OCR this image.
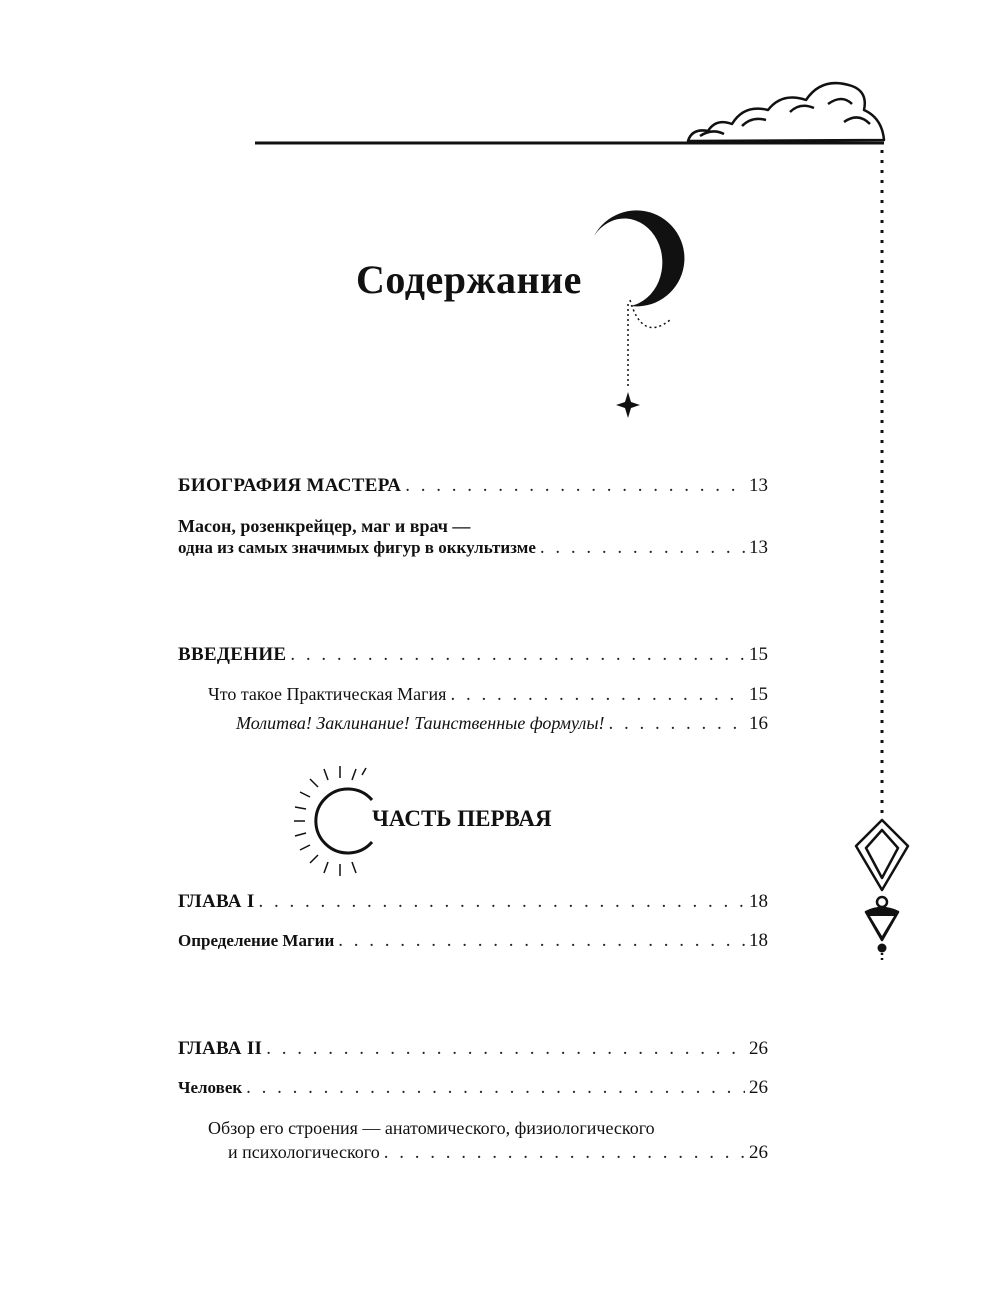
Содержание
БИОГРАФИЯ МАСТЕРА . . .	13
Масон, розенкрейцер, маг и врач —
одна из самых значимых фигур в оккультизме . . .	13
ВВЕДЕНИЕ . . .	15
Что такое Практическая Магия . . .	15
Молитва! Заклинание! Таинственные формулы! . . .	16
ЧАСТЬ ПЕРВАЯ
ГЛАВА I . . .	18
Определение Магии . . .	18
ГЛАВА II . . .	26
Человек . . .	26
Обзор его строения — анатомического, физиологического
и психологического . . .	26
